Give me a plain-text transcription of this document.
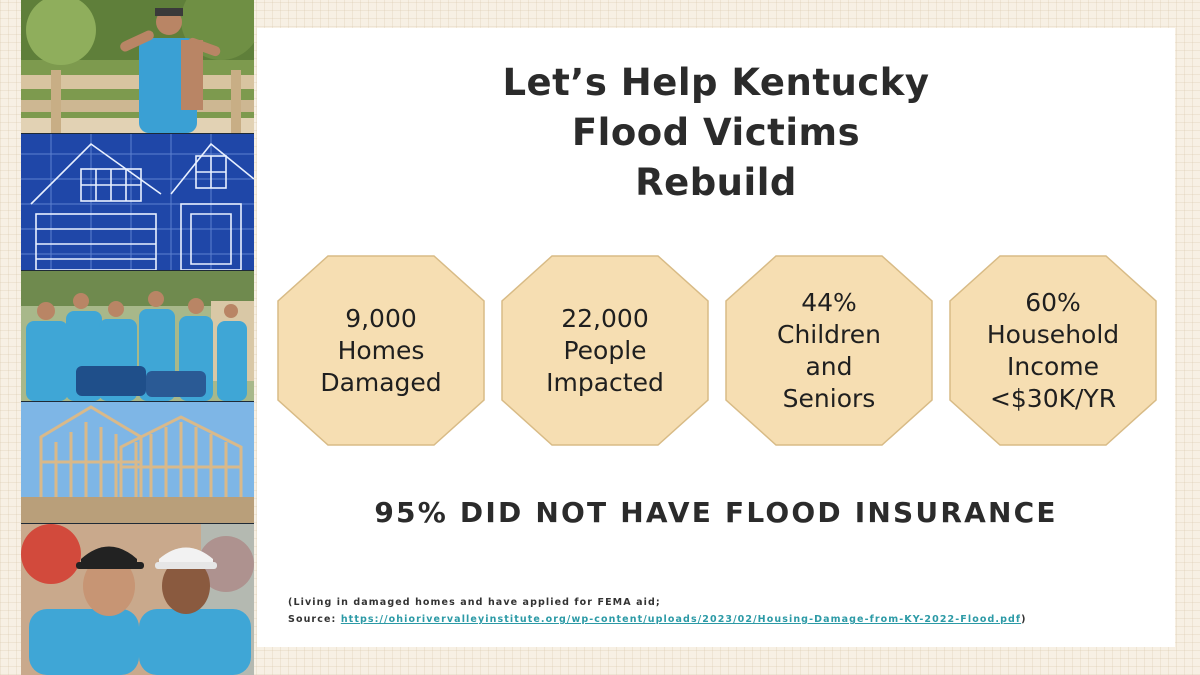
Let’s Help Kentucky
Flood Victims
Rebuild
9,000
Homes
Damaged
22,000
People
Impacted
44%
Children
and
Seniors
60%
Household
Income
<$30K/YR
95% DID NOT HAVE FLOOD INSURANCE
(Living in damaged homes and have applied for FEMA aid;
Source: https://ohiorivervalleyinstitute.org/wp-content/uploads/2023/02/Housing-Damage-from-KY-2022-Flood.pdf)
